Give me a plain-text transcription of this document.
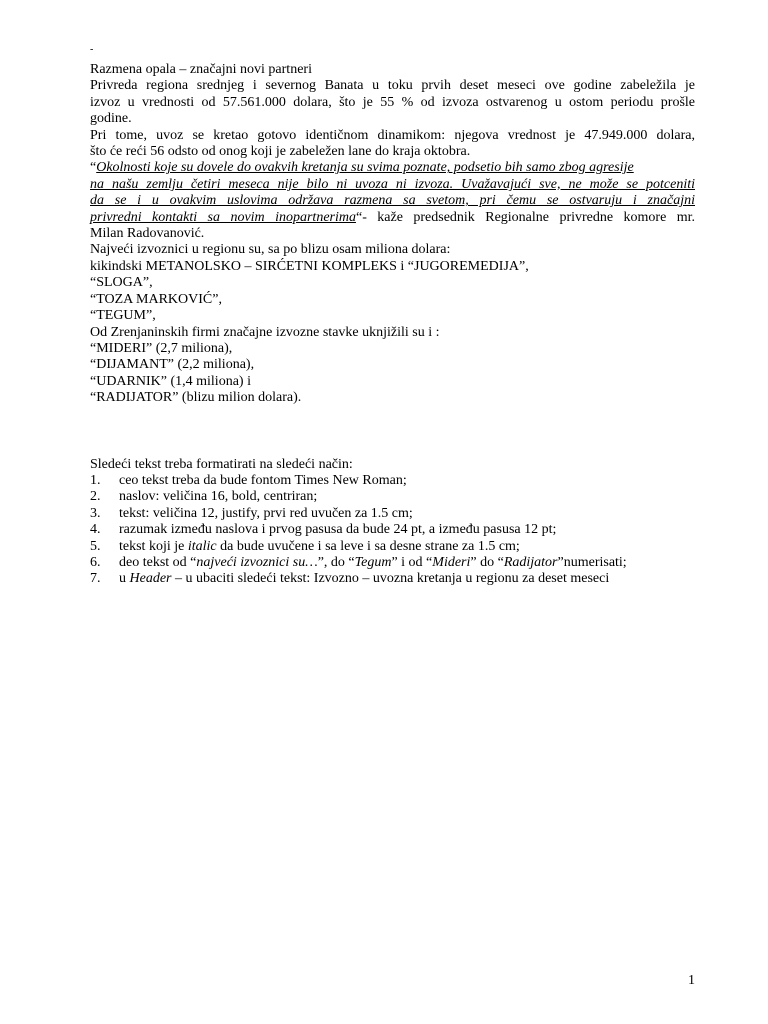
-
Razmena opala – značajni novi partneri
Privreda regiona srednjeg i severnog Banata u toku prvih deset meseci ove godine zabeležila je
izvoz u vrednosti od 57.561.000 dolara, što je 55 % od izvoza ostvarenog u ostom periodu prošle
godine.
Pri tome, uvoz se kretao gotovo identičnom dinamikom: njegova vrednost je 47.949.000 dolara,
što će reći 56 odsto od onog koji je zabeležen lane do kraja oktobra.
“Okolnosti koje su dovele do ovakvih kretanja su svima poznate, podsetio bih samo zbog agresije
na našu zemlju četiri meseca nije bilo ni uvoza ni izvoza. Uvažavajući sve, ne može se potceniti
da se i u ovakvim uslovima održava razmena sa svetom, pri čemu se ostvaruju i značajni
privredni kontakti sa novim inopartnerima“- kaže predsednik Regionalne privredne komore mr.
Milan Radovanović.
Najveći izvoznici u regionu su, sa po blizu osam miliona dolara:
kikindski METANOLSKO – SIRĆETNI KOMPLEKS i “JUGOREMEDIJA”,
“SLOGA”,
“TOZA MARKOVIĆ”,
“TEGUM”,
Od Zrenjaninskih firmi značajne izvozne stavke uknjižili su i :
“MIDERI” (2,7 miliona),
“DIJAMANT” (2,2 miliona),
“UDARNIK” (1,4 miliona) i
“RADIJATOR” (blizu milion dolara).
Sledeći tekst treba formatirati na sledeći način:
1.	ceo tekst treba da bude fontom Times New Roman;
2.	naslov: veličina 16, bold, centriran;
3.	tekst: veličina 12, justify, prvi red uvučen za 1.5 cm;
4.	razumak između naslova i prvog pasusa da bude 24 pt, a između pasusa 12 pt;
5.	tekst koji je italic da bude uvučene i sa leve i sa desne strane za 1.5 cm;
6.	deo tekst od “najveći izvoznici su…”, do “Tegum” i od “Mideri” do “Radijator”numerisati;
7.	u Header – u ubaciti sledeći tekst: Izvozno – uvozna kretanja u regionu za deset meseci
1
